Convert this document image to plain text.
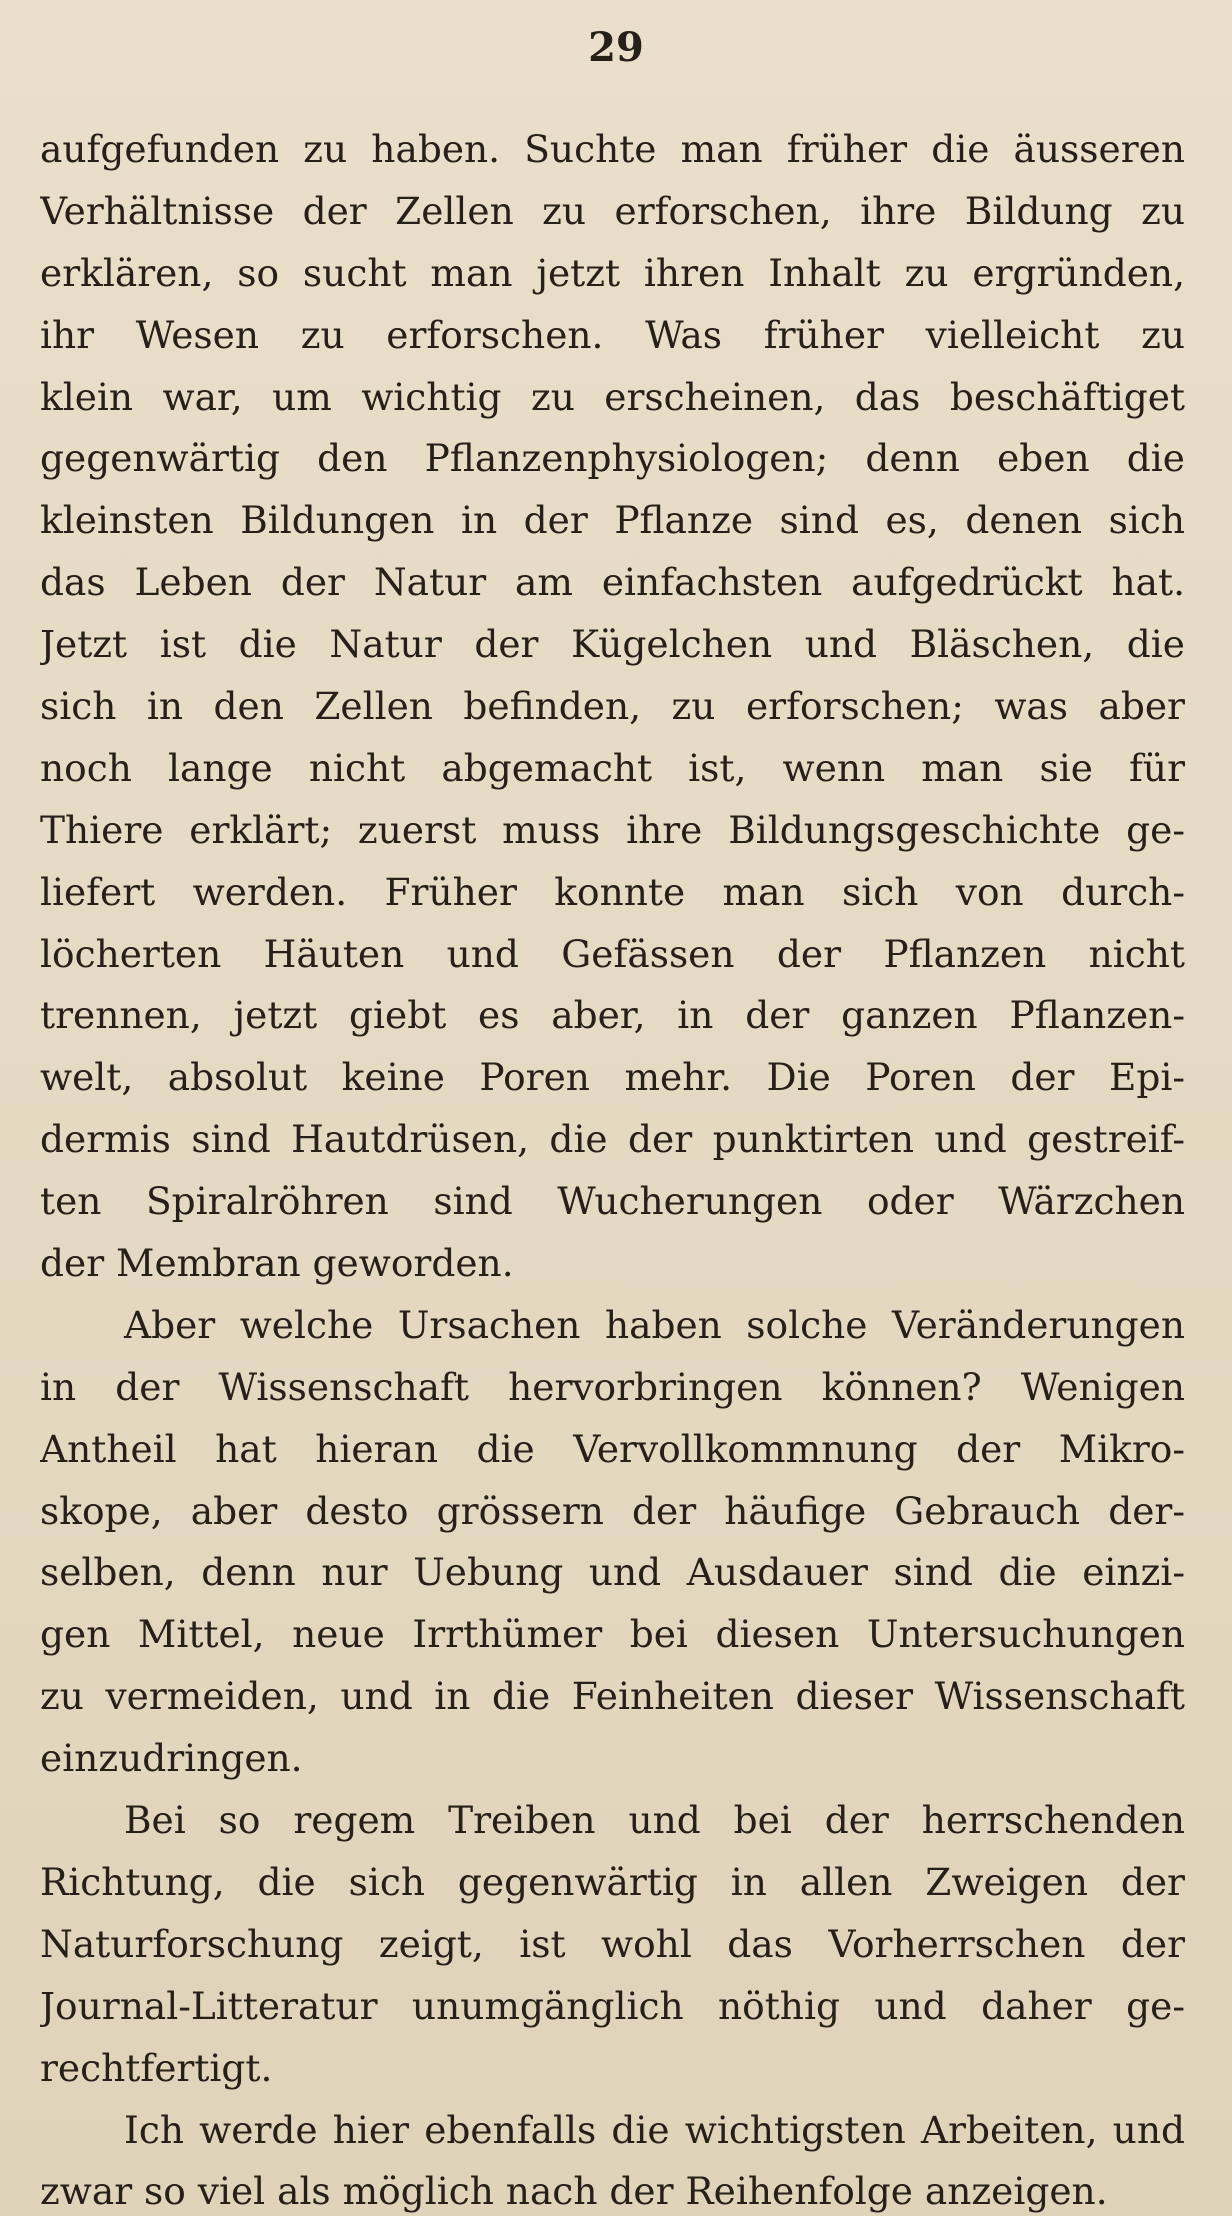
29
aufgefunden zu haben. Suchte man früher die äusseren
Verhältnisse der Zellen zu erforschen, ihre Bildung zu
erklären, so sucht man jetzt ihren Inhalt zu ergründen,
ihr Wesen zu erforschen. Was früher vielleicht zu
klein war, um wichtig zu erscheinen, das beschäftiget
gegenwärtig den Pflanzenphysiologen; denn eben die
kleinsten Bildungen in der Pflanze sind es, denen sich
das Leben der Natur am einfachsten aufgedrückt hat.
Jetzt ist die Natur der Kügelchen und Bläschen, die
sich in den Zellen befinden, zu erforschen; was aber
noch lange nicht abgemacht ist, wenn man sie für
Thiere erklärt; zuerst muss ihre Bildungsgeschichte ge-
liefert werden. Früher konnte man sich von durch-
löcherten Häuten und Gefässen der Pflanzen nicht
trennen, jetzt giebt es aber, in der ganzen Pflanzen-
welt, absolut keine Poren mehr. Die Poren der Epi-
dermis sind Hautdrüsen, die der punktirten und gestreif-
ten Spiralröhren sind Wucherungen oder Wärzchen
der Membran geworden.
Aber welche Ursachen haben solche Veränderungen
in der Wissenschaft hervorbringen können? Wenigen
Antheil hat hieran die Vervollkommnung der Mikro-
skope, aber desto grössern der häufige Gebrauch der-
selben, denn nur Uebung und Ausdauer sind die einzi-
gen Mittel, neue Irrthümer bei diesen Untersuchungen
zu vermeiden, und in die Feinheiten dieser Wissenschaft
einzudringen.
Bei so regem Treiben und bei der herrschenden
Richtung, die sich gegenwärtig in allen Zweigen der
Naturforschung zeigt, ist wohl das Vorherrschen der
Journal-Litteratur unumgänglich nöthig und daher ge-
rechtfertigt.
Ich werde hier ebenfalls die wichtigsten Arbeiten, und
zwar so viel als möglich nach der Reihenfolge anzeigen.
